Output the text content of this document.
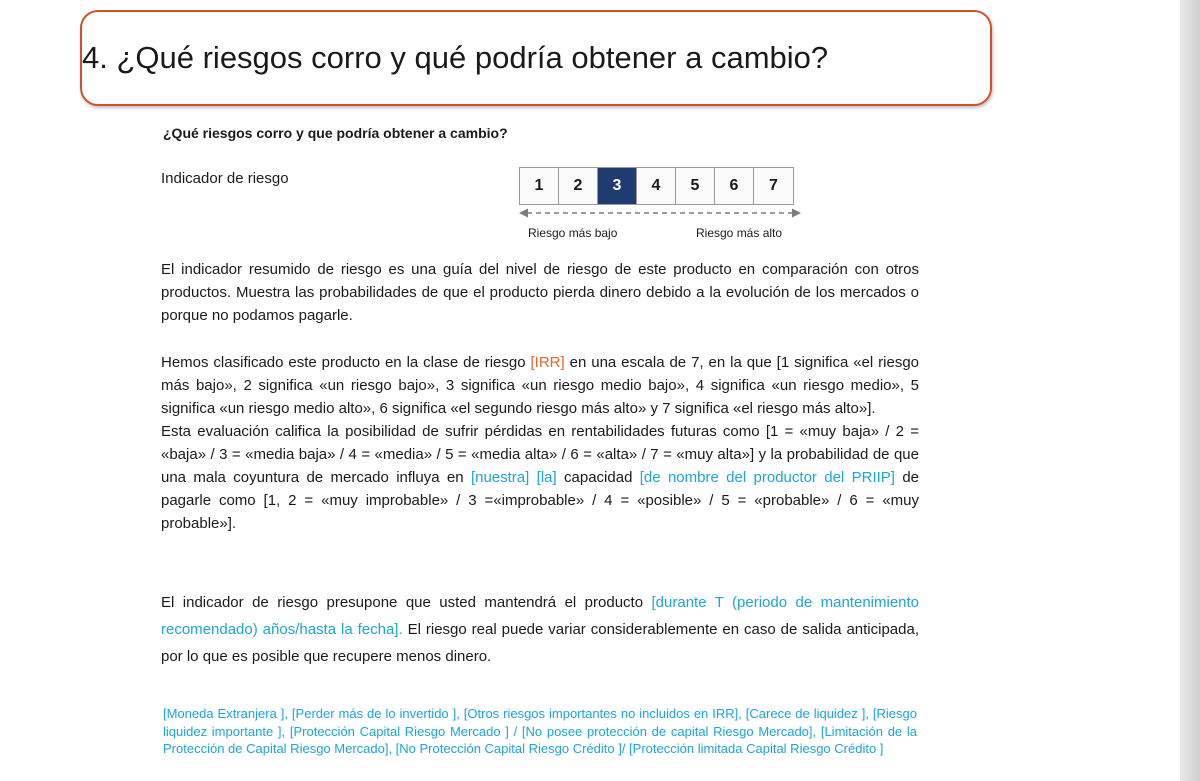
4. ¿Qué riesgos corro y qué podría obtener a cambio?
¿Qué riesgos corro y que podría obtener a cambio?
Indicador de riesgo	1	2	3	4	5	6	7
Riesgo más bajo	Riesgo más alto
El indicador resumido de riesgo es una guía del nivel de riesgo de este producto en comparación con otros productos. Muestra las probabilidades de que el producto pierda dinero debido a la evolución de los mercados o porque no podamos pagarle.
Hemos clasificado este producto en la clase de riesgo [IRR] en una escala de 7, en la que [1 significa «el riesgo más bajo», 2 significa «un riesgo bajo», 3 significa «un riesgo medio bajo», 4 significa «un riesgo medio», 5 significa «un riesgo medio alto», 6 significa «el segundo riesgo más alto» y 7 significa «el riesgo más alto»].
Esta evaluación califica la posibilidad de sufrir pérdidas en rentabilidades futuras como [1 = «muy baja» / 2 = «baja» / 3 = «media baja» / 4 = «media» / 5 = «media alta» / 6 = «alta» / 7 = «muy alta»] y la probabilidad de que una mala coyuntura de mercado influya en [nuestra] [la] capacidad [de nombre del productor del PRIIP] de pagarle como [1, 2 = «muy improbable» / 3 =«improbable» / 4 = «posible» / 5 = «probable» / 6 = «muy probable»].
El indicador de riesgo presupone que usted mantendrá el producto [durante T (periodo de mantenimiento recomendado) años/hasta la fecha]. El riesgo real puede variar considerablemente en caso de salida anticipada, por lo que es posible que recupere menos dinero.
[Moneda Extranjera ], [Perder más de lo invertido ], [Otros riesgos importantes no incluidos en IRR], [Carece de liquidez ], [Riesgo liquidez importante ], [Protección Capital Riesgo Mercado ] / [No posee protección de capital Riesgo Mercado], [Limitación de la Protección de Capital Riesgo Mercado], [No Protección Capital Riesgo Crédito ]/ [Protección limitada Capital Riesgo Crédito ]
